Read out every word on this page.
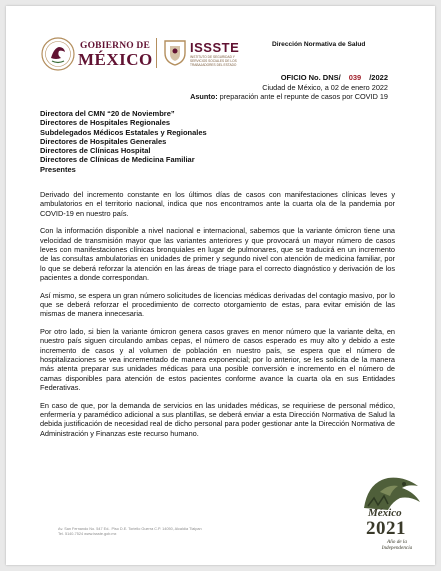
GOBIERNO DE
MÉXICO
ISSSTE
INSTITUTO DE SEGURIDAD Y SERVICIOS SOCIALES DE LOS TRABAJADORES DEL ESTADO
Dirección Normativa de Salud
OFICIO No. DNS/ 039 /2022
Ciudad de México, a 02 de enero 2022
Asunto: preparación ante el repunte de casos por COVID 19
Directora del CMN “20 de Noviembre”
Directores de Hospitales Regionales
Subdelegados Médicos Estatales y Regionales
Directores de Hospitales Generales
Directores de Clínicas Hospital
Directores de Clínicas de Medicina Familiar
Presentes

Derivado del incremento constante en los últimos días de casos con manifestaciones clínicas leves y ambulatorios en el territorio nacional, indica que nos encontramos ante la cuarta ola de la pandemia por COVID-19 en nuestro país.

Con la información disponible a nivel nacional e internacional, sabemos que la variante ómicron tiene una velocidad de transmisión mayor que las variantes anteriores y que provocará un mayor número de casos leves con manifestaciones clínicas bronquiales en lugar de pulmonares, que se traducirá en un incremento de las consultas ambulatorias en unidades de primer y segundo nivel con atención de medicina familiar, por lo que se deberá reforzar la atención en las áreas de triage para el correcto diagnóstico y derivación de los pacientes a donde correspondan.

Así mismo, se espera un gran número solicitudes de licencias médicas derivadas del contagio masivo, por lo que se deberá reforzar el procedimiento de correcto otorgamiento de estas, para evitar emisión de las mismas de manera innecesaria.

Por otro lado, si bien la variante ómicron genera casos graves en menor número que la variante delta, en nuestro país siguen circulando ambas cepas, el número de casos esperado es muy alto y debido a este incremento de casos y al volumen de población en nuestro país, se espera que el número de hospitalizaciones se vea incrementado de manera exponencial; por lo anterior, se les solicita de la manera más atenta preparar sus unidades médicas para una posible conversión e incremento en el número de camas disponibles para atención de estos pacientes conforme avance la cuarta ola en sus Entidades Federativas.

En caso de que, por la demanda de servicios en las unidades médicas, se requiriese de personal médico, enfermería y paramédico adicional a sus plantillas, se deberá enviar a esta Dirección Normativa de Salud la debida justificación de necesidad real de dicho personal para poder gestionar ante la Dirección Normativa de Administración y Finanzas este recurso humano.

Av. San Fernando No. 547 Ed.. Piso D.E. Toriello Guerra C.P. 14050, Alcaldía Tlalpan
Tel. 5140-7524 www.issste.gob.mx
México
2021
Año de la Independencia
